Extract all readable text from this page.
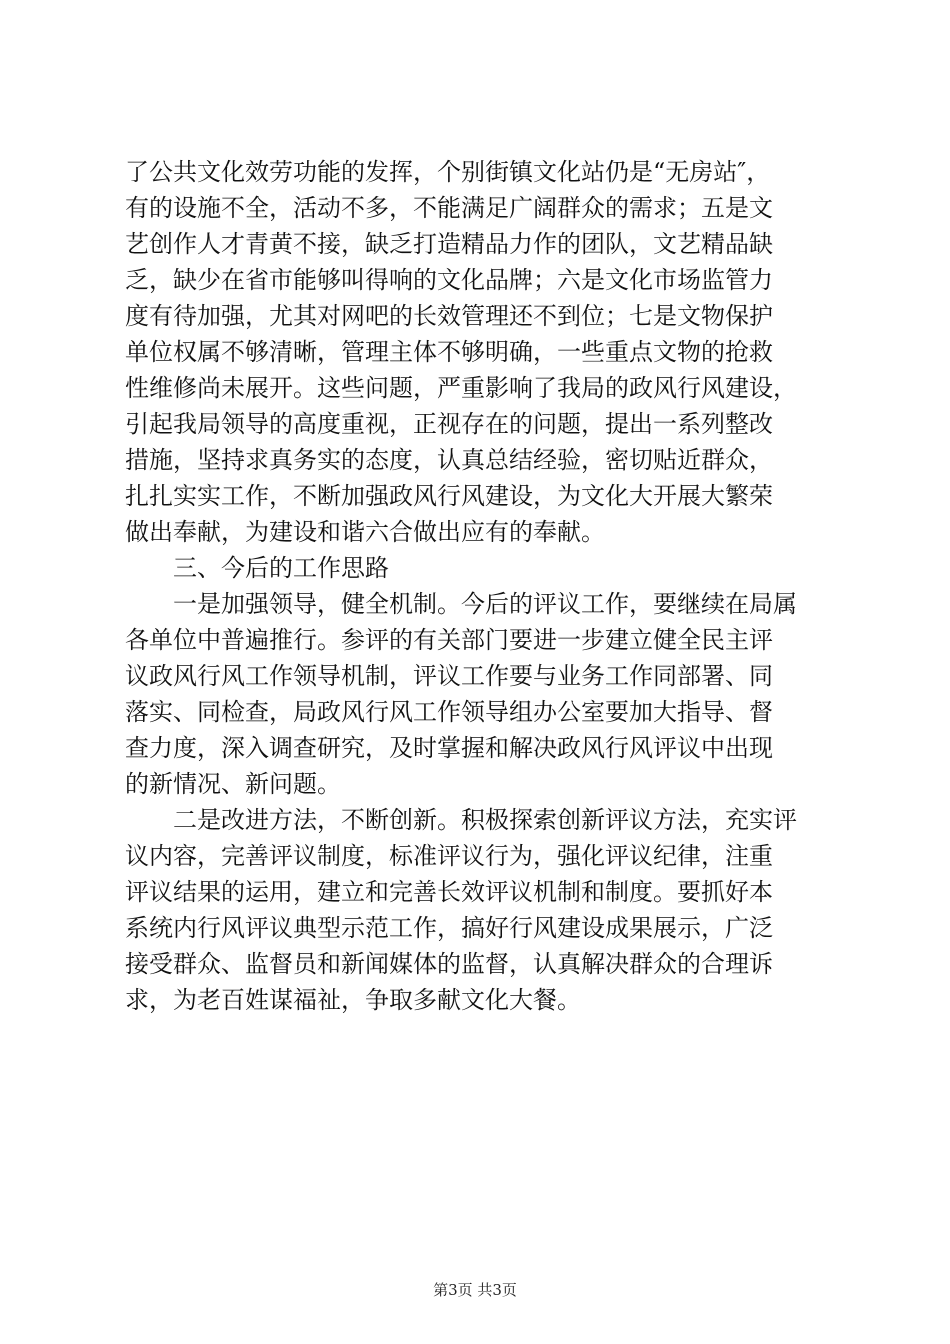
了公共文化效劳功能的发挥，个别街镇文化站仍是“无房站″，
有的设施不全，活动不多，不能满足广阔群众的需求；五是文
艺创作人才青黄不接，缺乏打造精品力作的团队，文艺精品缺
乏，缺少在省市能够叫得响的文化品牌；六是文化市场监管力
度有待加强，尤其对网吧的长效管理还不到位；七是文物保护
单位权属不够清晰，管理主体不够明确，一些重点文物的抢救
性维修尚未展开。这些问题，严重影响了我局的政风行风建设，
引起我局领导的高度重视，正视存在的问题，提出一系列整改
措施，坚持求真务实的态度，认真总结经验，密切贴近群众，
扎扎实实工作，不断加强政风行风建设，为文化大开展大繁荣
做出奉献，为建设和谐六合做出应有的奉献。
三、今后的工作思路
一是加强领导，健全机制。今后的评议工作，要继续在局属
各单位中普遍推行。参评的有关部门要进一步建立健全民主评
议政风行风工作领导机制，评议工作要与业务工作同部署、同
落实、同检查，局政风行风工作领导组办公室要加大指导、督
查力度，深入调查研究，及时掌握和解决政风行风评议中出现
的新情况、新问题。
二是改进方法，不断创新。积极探索创新评议方法，充实评
议内容，完善评议制度，标准评议行为，强化评议纪律，注重
评议结果的运用，建立和完善长效评议机制和制度。要抓好本
系统内行风评议典型示范工作，搞好行风建设成果展示，广泛
接受群众、监督员和新闻媒体的监督，认真解决群众的合理诉
求，为老百姓谋福祉，争取多献文化大餐。
第3页 共3页
